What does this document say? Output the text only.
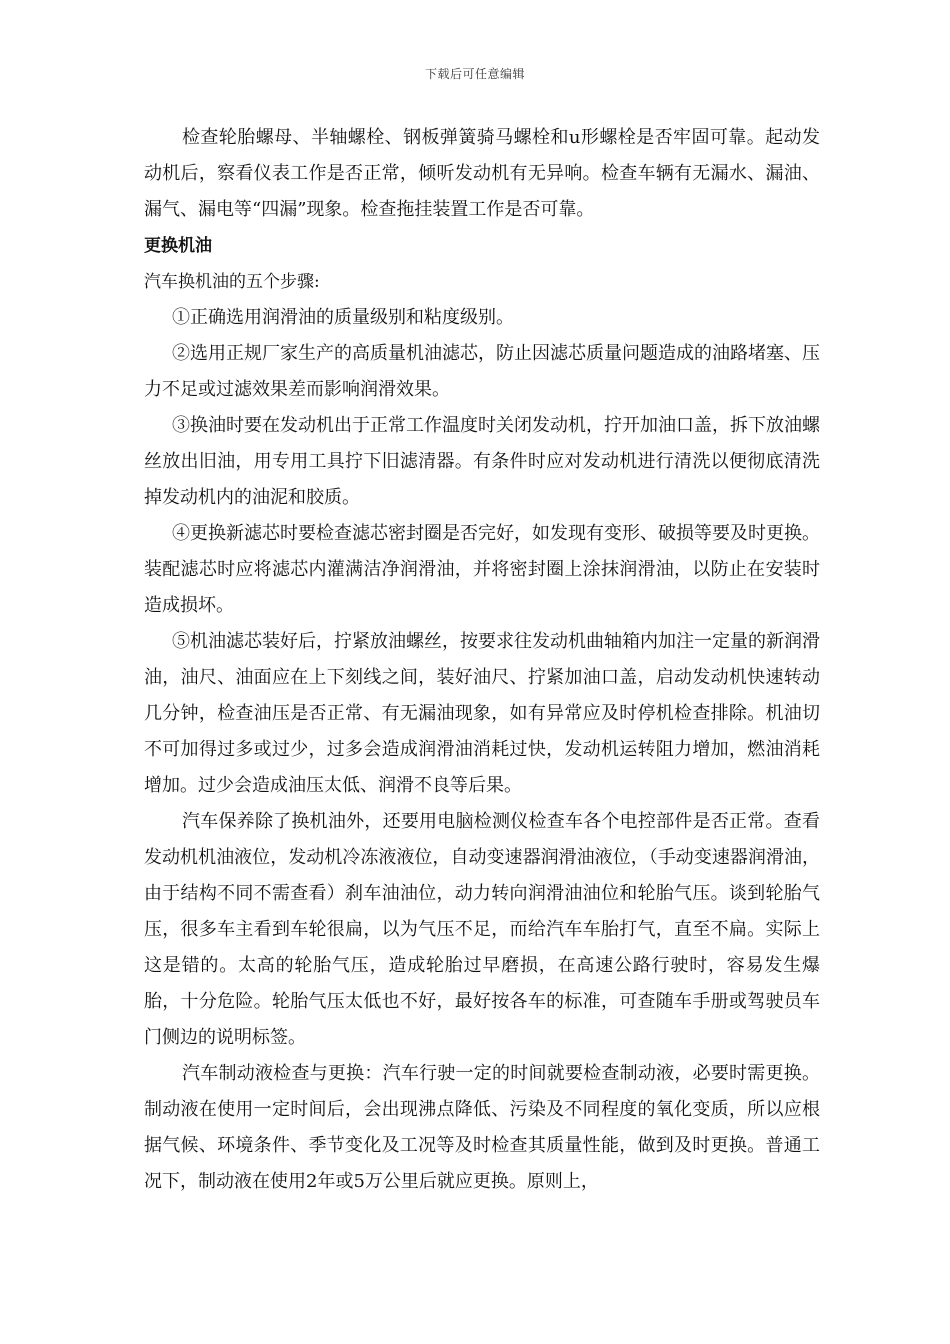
下载后可任意编辑

检查轮胎螺母、半轴螺栓、钢板弹簧骑马螺栓和u形螺栓是否牢固可靠。起动发动机后，察看仪表工作是否正常，倾听发动机有无异响。检查车辆有无漏水、漏油、漏气、漏电等“四漏”现象。检查拖挂装置工作是否可靠。

更换机油

汽车换机油的五个步骤:

①正确选用润滑油的质量级别和粘度级别。

②选用正规厂家生产的高质量机油滤芯，防止因滤芯质量问题造成的油路堵塞、压力不足或过滤效果差而影响润滑效果。

③换油时要在发动机出于正常工作温度时关闭发动机，拧开加油口盖，拆下放油螺丝放出旧油，用专用工具拧下旧滤清器。有条件时应对发动机进行清洗以便彻底清洗掉发动机内的油泥和胶质。

④更换新滤芯时要检查滤芯密封圈是否完好，如发现有变形、破损等要及时更换。装配滤芯时应将滤芯内灌满洁净润滑油，并将密封圈上涂抹润滑油，以防止在安装时造成损坏。

⑤机油滤芯装好后，拧紧放油螺丝，按要求往发动机曲轴箱内加注一定量的新润滑油，油尺、油面应在上下刻线之间，装好油尺、拧紧加油口盖，启动发动机快速转动几分钟，检查油压是否正常、有无漏油现象，如有异常应及时停机检查排除。机油切不可加得过多或过少，过多会造成润滑油消耗过快，发动机运转阻力增加，燃油消耗增加。过少会造成油压太低、润滑不良等后果。

汽车保养除了换机油外，还要用电脑检测仪检查车各个电控部件是否正常。查看发动机机油液位，发动机冷冻液液位，自动变速器润滑油液位，（手动变速器润滑油，由于结构不同不需查看）刹车油油位，动力转向润滑油油位和轮胎气压。谈到轮胎气压，很多车主看到车轮很扁，以为气压不足，而给汽车车胎打气，直至不扁。实际上这是错的。太高的轮胎气压，造成轮胎过早磨损，在高速公路行驶时，容易发生爆胎，十分危险。轮胎气压太低也不好，最好按各车的标准，可查随车手册或驾驶员车门侧边的说明标签。

汽车制动液检查与更换：汽车行驶一定的时间就要检查制动液，必要时需更换。制动液在使用一定时间后，会出现沸点降低、污染及不同程度的氧化变质，所以应根据气候、环境条件、季节变化及工况等及时检查其质量性能，做到及时更换。普通工况下，制动液在使用2年或5万公里后就应更换。原则上，
